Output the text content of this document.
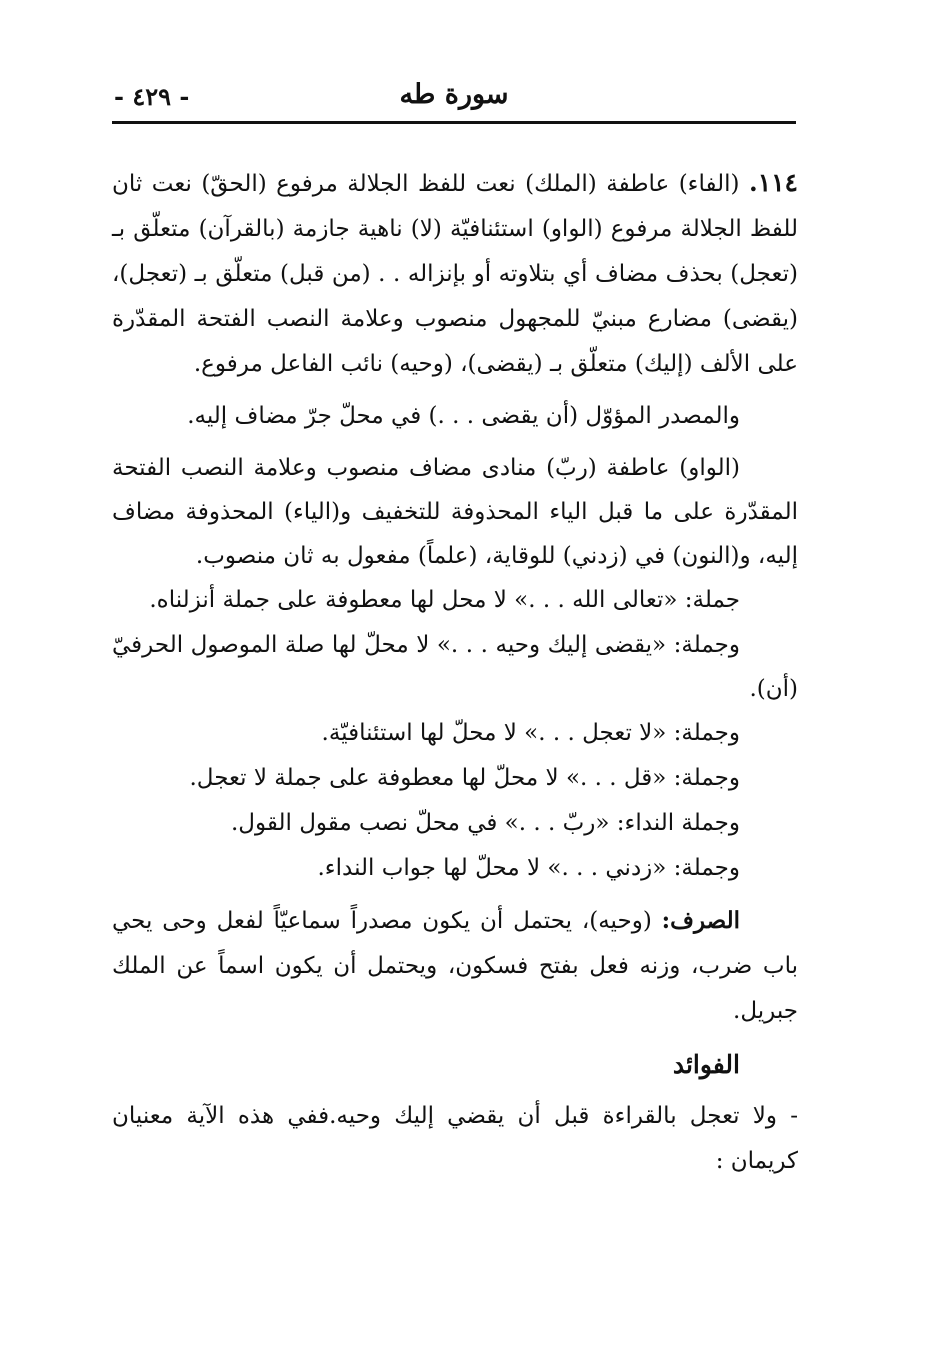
سورة طه
- ٤٢٩ -

١١٤. (الفاء) عاطفة (الملك) نعت للفظ الجلالة مرفوع (الحقّ) نعت ثان للفظ الجلالة مرفوع (الواو) استئنافيّة (لا) ناهية جازمة (بالقرآن) متعلّق بـ (تعجل) بحذف مضاف أي بتلاوته أو بإنزاله . . (من قبل) متعلّق بـ (تعجل)، (يقضى) مضارع مبنيّ للمجهول منصوب وعلامة النصب الفتحة المقدّرة على الألف (إليك) متعلّق بـ (يقضى)، (وحيه) نائب الفاعل مرفوع.

والمصدر المؤوّل (أن يقضى . . .) في محلّ جرّ مضاف إليه.

(الواو) عاطفة (ربّ) منادى مضاف منصوب وعلامة النصب الفتحة المقدّرة على ما قبل الياء المحذوفة للتخفيف و(الياء) المحذوفة مضاف إليه، و(النون) في (زدني) للوقاية، (علماً) مفعول به ثان منصوب.

جملة: «تعالى الله . . .» لا محل لها معطوفة على جملة أنزلناه.

وجملة: «يقضى إليك وحيه . . .» لا محلّ لها صلة الموصول الحرفيّ (أن).

وجملة: «لا تعجل . . .» لا محلّ لها استئنافيّة.

وجملة: «قل . . .» لا محلّ لها معطوفة على جملة لا تعجل.

وجملة النداء: «ربّ . . .» في محلّ نصب مقول القول.

وجملة: «زدني . . .» لا محلّ لها جواب النداء.

الصرف: (وحيه)، يحتمل أن يكون مصدراً سماعيّاً لفعل وحى يحي باب ضرب، وزنه فعل بفتح فسكون، ويحتمل أن يكون اسماً عن الملك جبريل.

الفوائد

- ولا تعجل بالقراءة قبل أن يقضي إليك وحيه.ففي هذه الآية معنيان كريمان :
